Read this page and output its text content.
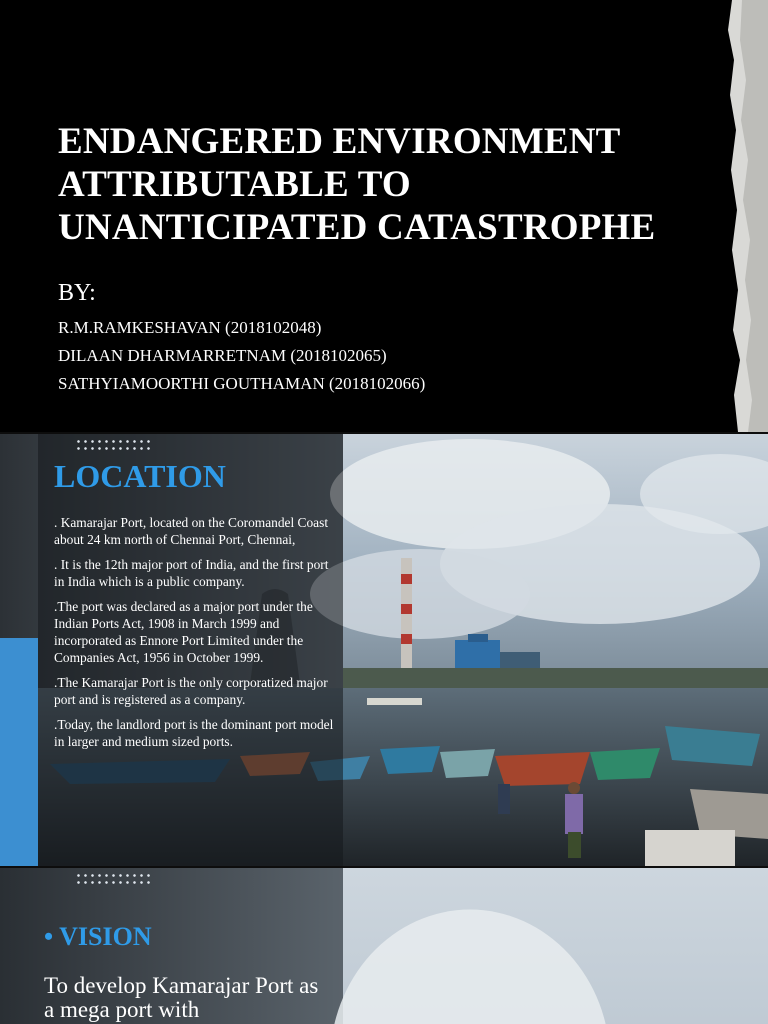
ENDANGERED ENVIRONMENT
ATTRIBUTABLE TO
UNANTICIPATED CATASTROPHE
BY:
R.M.RAMKESHAVAN (2018102048)
DILAAN DHARMARRETNAM (2018102065)
SATHYIAMOORTHI GOUTHAMAN (2018102066)
LOCATION
. Kamarajar Port, located on the Coromandel Coast about 24 km north of Chennai Port, Chennai,
. It is the 12th major port of India, and the first port in India which is a public company.
.The port was declared as a major port under the Indian Ports Act, 1908 in March 1999 and incorporated as Ennore Port Limited under the Companies Act, 1956 in October 1999.
.The Kamarajar Port is the only corporatized major port and is registered as a company.
.Today, the landlord port is the dominant port model in larger and medium sized ports.
• VISION

To develop Kamarajar Port as a mega port with
